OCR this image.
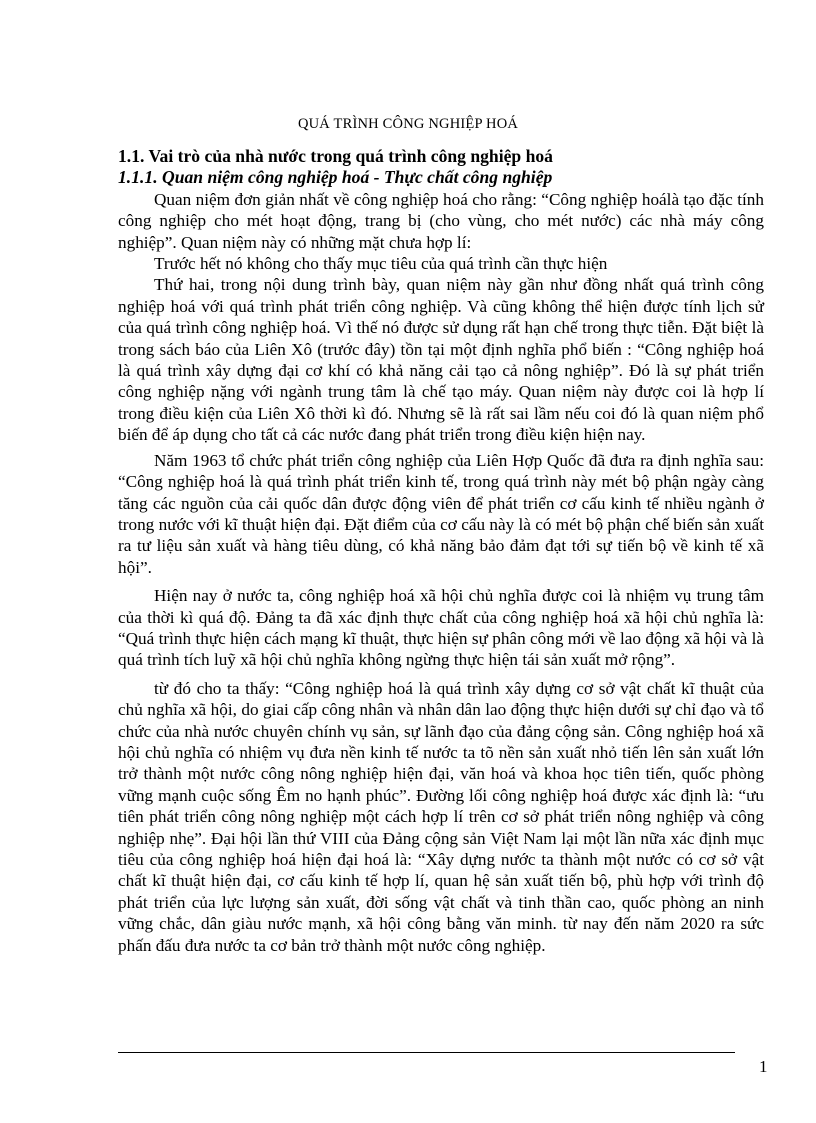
QUÁ TRÌNH CÔNG NGHIỆP HOÁ
1.1. Vai trò của nhà nước trong quá trình công nghiệp hoá
1.1.1. Quan niệm công nghiệp hoá - Thực chất công nghiệp

Quan niệm đơn giản nhất về công nghiệp hoá cho rằng: “Công nghiệp hoálà tạo đặc tính công nghiệp cho mét hoạt động, trang bị (cho vùng, cho mét nước) các nhà máy công nghiệp”. Quan niệm này có những mặt chưa hợp lí:

Trước hết nó không cho thấy mục tiêu của quá trình cần thực hiện

Thứ hai, trong nội dung trình bày, quan niệm này gần như đồng nhất quá trình công nghiệp hoá với quá trình phát triển công nghiệp. Và cũng không thể hiện được tính lịch sử của quá trình công nghiệp hoá. Vì thế nó được sử dụng rất hạn chế trong thực tiễn. Đặt biệt là trong sách báo của Liên Xô (trước đây) tồn tại một định nghĩa phổ biến : “Công nghiệp hoá là quá trình xây dựng đại cơ khí có khả năng cải tạo cả nông nghiệp”. Đó là sự phát triển công nghiệp nặng với ngành trung tâm là chế tạo máy. Quan niệm này được coi là hợp lí trong điều kiện của Liên Xô thời kì đó. Nhưng sẽ là rất sai lầm nếu coi đó là quan niệm phổ biến để áp dụng cho tất cả các nước đang phát triển trong điều kiện hiện nay.

Năm 1963 tổ chức phát triển công nghiệp của Liên Hợp Quốc đã đưa ra định nghĩa sau: “Công nghiệp hoá là quá trình phát triển kinh tế, trong quá trình này mét bộ phận ngày càng tăng các nguồn của cải quốc dân được động viên để phát triển cơ cấu kinh tế nhiều ngành ở trong nước với kĩ thuật hiện đại. Đặt điểm của cơ cấu này là có mét bộ phận chế biến sản xuất ra tư liệu sản xuất và hàng tiêu dùng, có khả năng bảo đảm đạt tới sự tiến bộ về kinh tế xã hội”.

Hiện nay ở nước ta, công nghiệp hoá xã hội chủ nghĩa được coi là nhiệm vụ trung tâm của thời kì quá độ. Đảng ta đã xác định thực chất của công nghiệp hoá xã hội chủ nghĩa là: “Quá trình thực hiện cách mạng kĩ thuật, thực hiện sự phân công mới về lao động xã hội và là quá trình tích luỹ xã hội chủ nghĩa không ngừng thực hiện tái sản xuất mở rộng”.

từ đó cho ta thấy: “Công nghiệp hoá là quá trình xây dựng cơ sở vật chất kĩ thuật của chủ nghĩa xã hội, do giai cấp công nhân và nhân dân lao động thực hiện dưới sự chỉ đạo và tổ chức của nhà nước chuyên chính vụ sản, sự lãnh đạo của đảng cộng sản. Công nghiệp hoá xã hội chủ nghĩa có nhiệm vụ đưa nền kinh tế nước ta tõ nền sản xuất nhỏ tiến lên sản xuất lớn trở thành một nước công nông nghiệp hiện đại, văn hoá và khoa học tiên tiến, quốc phòng vững mạnh cuộc sống Êm no hạnh phúc”. Đường lối công nghiệp hoá được xác định là: “ưu tiên phát triển công nông nghiệp một cách hợp lí trên cơ sở phát triển nông nghiệp và công nghiệp nhẹ”. Đại hội lần thứ VIII của Đảng cộng sản Việt Nam lại một lần nữa xác định mục tiêu của công nghiệp hoá hiện đại hoá là: “Xây dựng nước ta thành một nước có cơ sở vật chất kĩ thuật hiện đại, cơ cấu kinh tế hợp lí, quan hệ sản xuất tiến bộ, phù hợp với trình độ phát triển của lực lượng sản xuất, đời sống vật chất và tinh thần cao, quốc phòng an ninh vững chắc, dân giàu nước mạnh, xã hội công bằng văn minh. từ nay đến năm 2020 ra sức phấn đấu đưa nước ta cơ bản trở thành một nước công nghiệp.

1
